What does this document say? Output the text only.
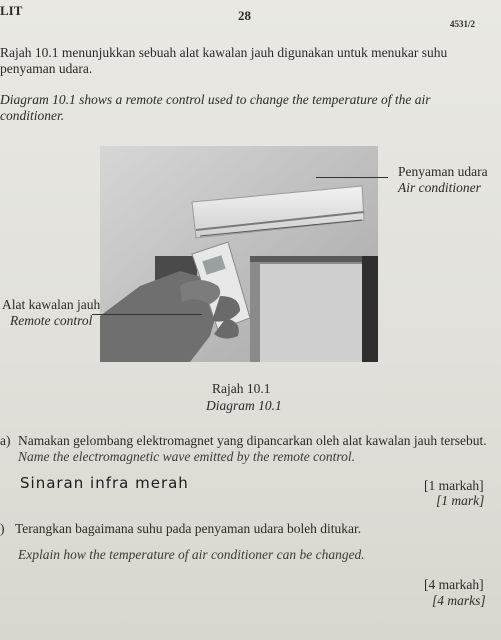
LIT	28
4531/2
Rajah 10.1 menunjukkan sebuah alat kawalan jauh digunakan untuk menukar suhu
penyaman udara.
Diagram 10.1 shows a remote control used to change the temperature of the air
conditioner.
Penyaman udara
Air conditioner
Alat kawalan jauh
Remote control
Rajah 10.1
Diagram 10.1
a) Namakan gelombang elektromagnet yang dipancarkan oleh alat kawalan jauh tersebut.
Name the electromagnetic wave emitted by the remote control.
Sinaran infra merah	[1 markah]
[1 mark]
) Terangkan bagaimana suhu pada penyaman udara boleh ditukar.
Explain how the temperature of air conditioner can be changed.
[4 markah]
[4 marks]
